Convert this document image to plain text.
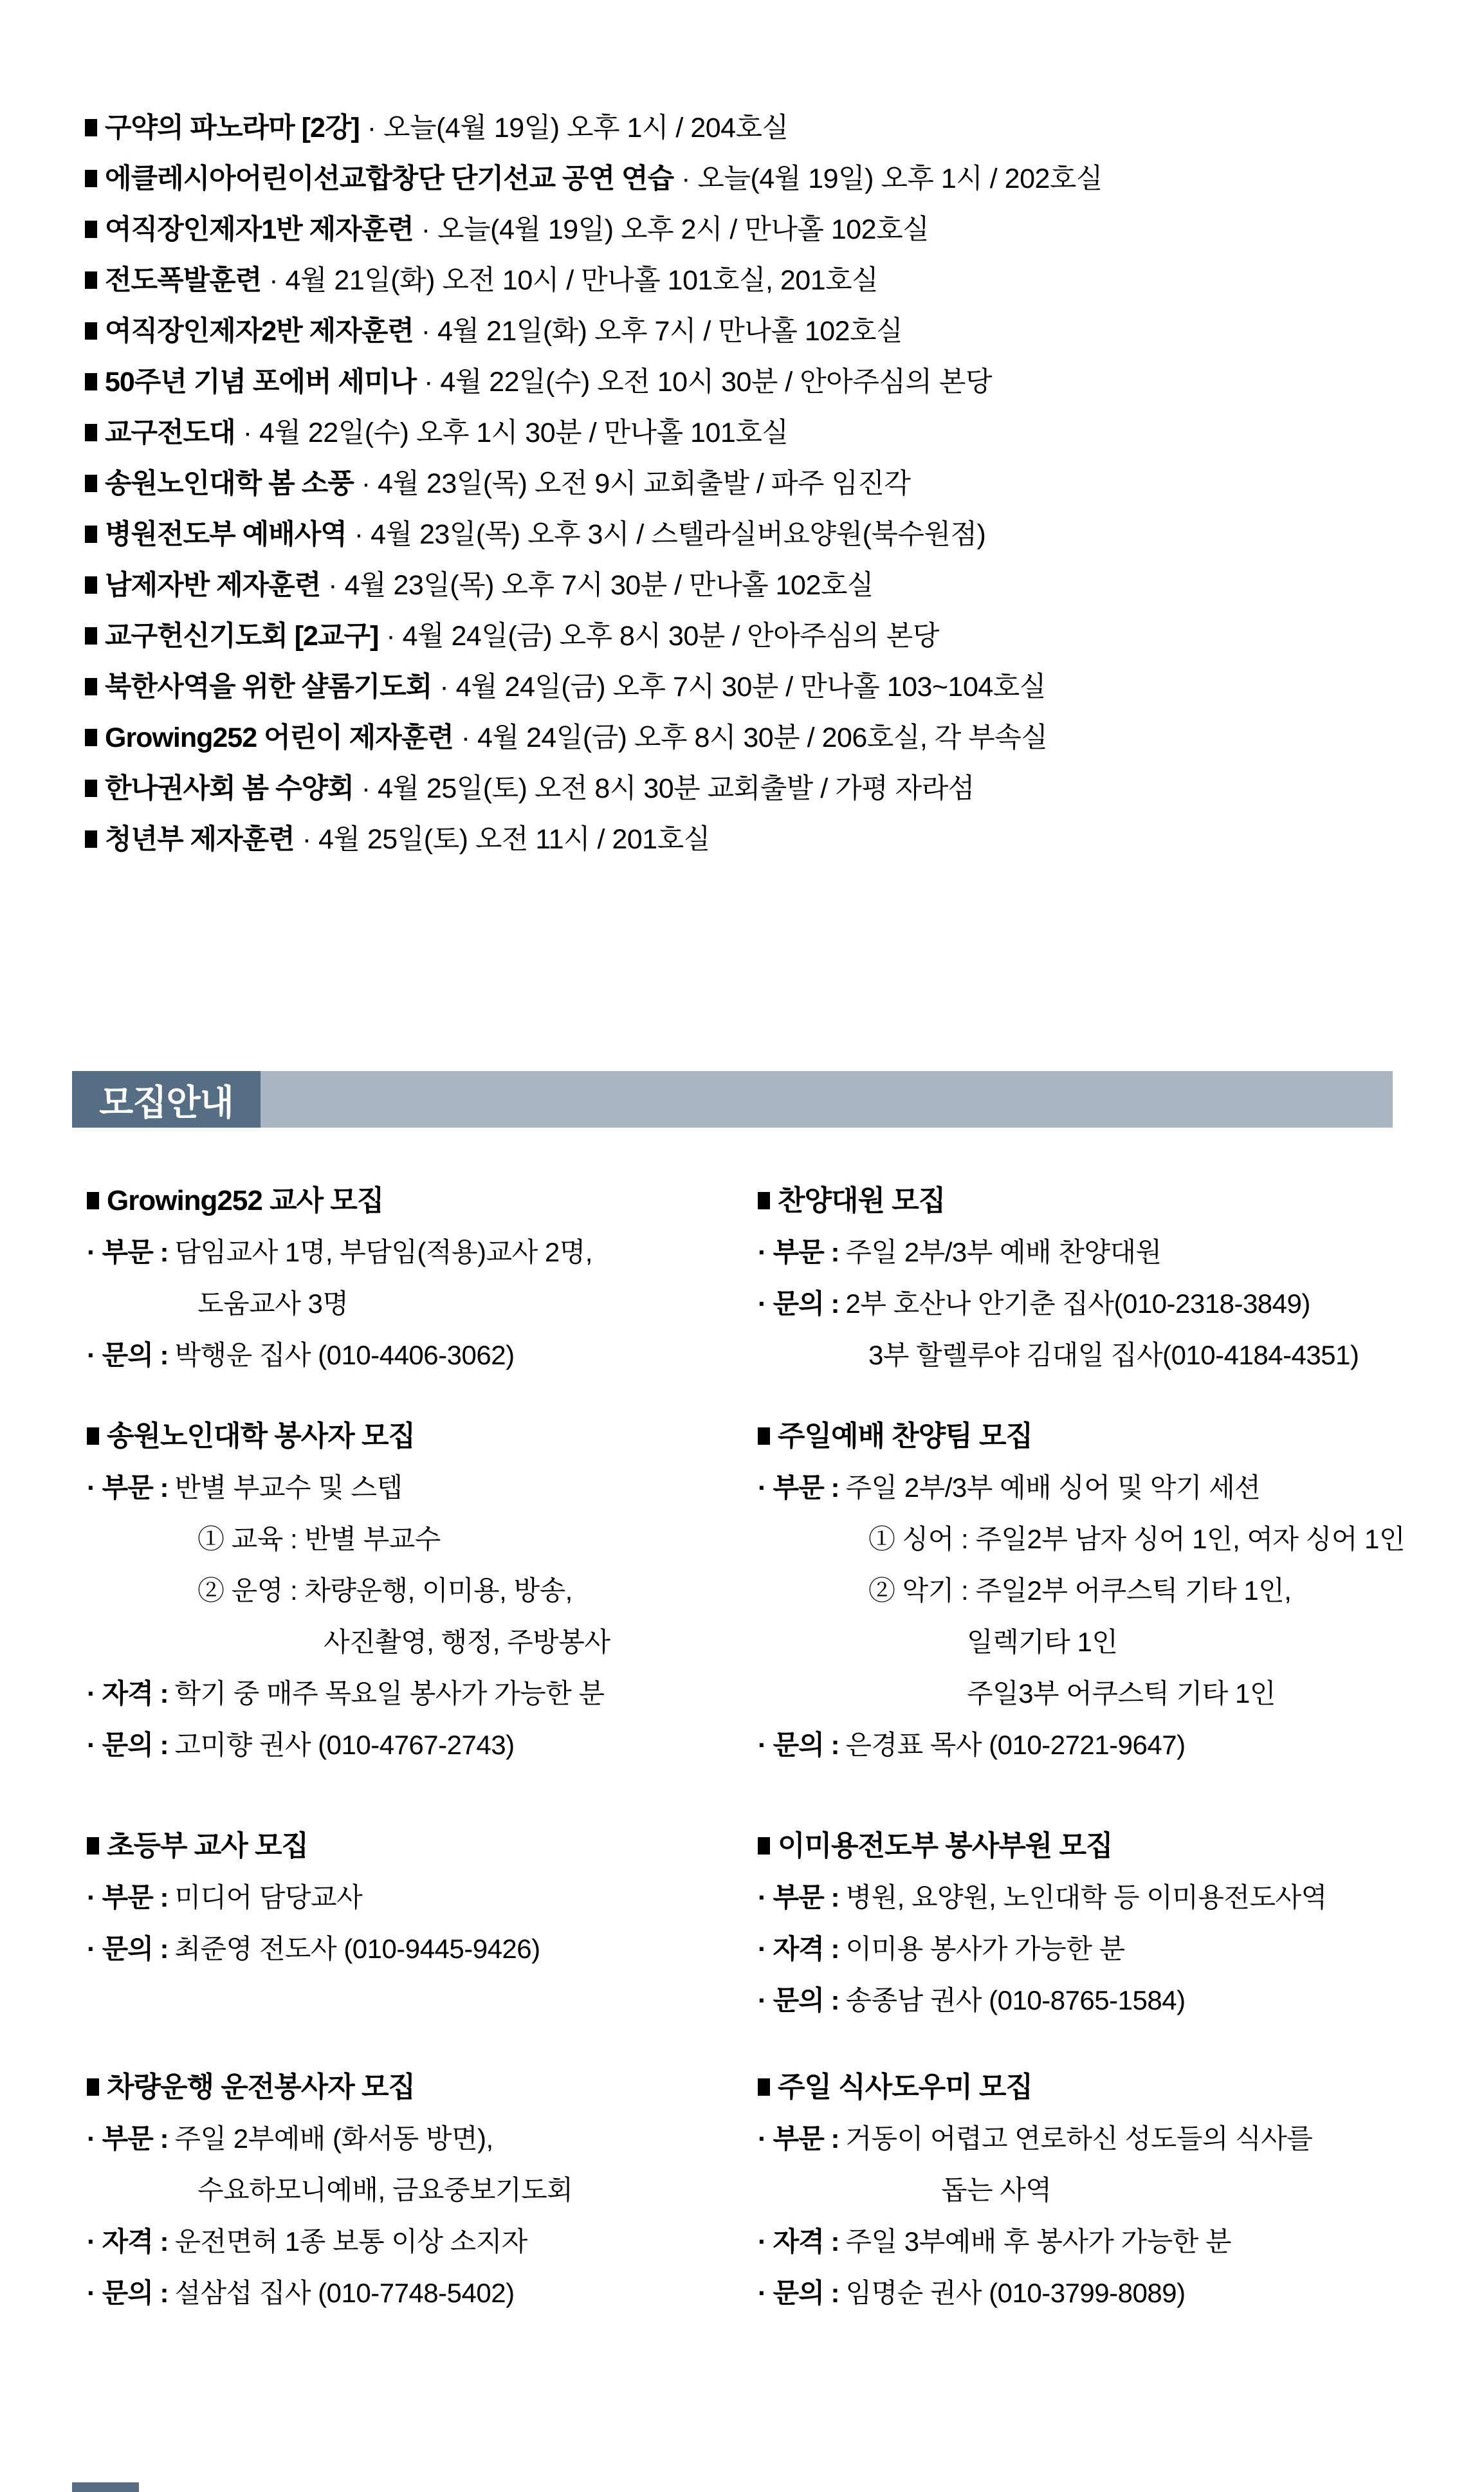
구약의 파노라마 [2강] · 오늘(4월 19일) 오후 1시 / 204호실
에클레시아어린이선교합창단 단기선교 공연 연습 · 오늘(4월 19일) 오후 1시 / 202호실
여직장인제자1반 제자훈련 · 오늘(4월 19일) 오후 2시 / 만나홀 102호실
전도폭발훈련 · 4월 21일(화) 오전 10시 / 만나홀 101호실, 201호실
여직장인제자2반 제자훈련 · 4월 21일(화) 오후 7시 / 만나홀 102호실
50주년 기념 포에버 세미나 · 4월 22일(수) 오전 10시 30분 / 안아주심의 본당
교구전도대 · 4월 22일(수) 오후 1시 30분 / 만나홀 101호실
송원노인대학 봄 소풍 · 4월 23일(목) 오전 9시 교회출발 / 파주 임진각
병원전도부 예배사역 · 4월 23일(목) 오후 3시 / 스텔라실버요양원(북수원점)
남제자반 제자훈련 · 4월 23일(목) 오후 7시 30분 / 만나홀 102호실
교구헌신기도회 [2교구] · 4월 24일(금) 오후 8시 30분 / 안아주심의 본당
북한사역을 위한 샬롬기도회 · 4월 24일(금) 오후 7시 30분 / 만나홀 103~104호실
Growing252 어린이 제자훈련 · 4월 24일(금) 오후 8시 30분 / 206호실, 각 부속실
한나권사회 봄 수양회 · 4월 25일(토) 오전 8시 30분 교회출발 / 가평 자라섬
청년부 제자훈련 · 4월 25일(토) 오전 11시 / 201호실
모집안내
Growing252 교사 모집
· 부문 : 담임교사 1명, 부담임(적용)교사 2명,
도움교사 3명
· 문의 : 박행운 집사 (010-4406-3062)
송원노인대학 봉사자 모집
· 부문 : 반별 부교수 및 스텝
① 교육 : 반별 부교수
② 운영 : 차량운행, 이미용, 방송,
사진촬영, 행정, 주방봉사
· 자격 : 학기 중 매주 목요일 봉사가 가능한 분
· 문의 : 고미향 권사 (010-4767-2743)
초등부 교사 모집
· 부문 : 미디어 담당교사
· 문의 : 최준영 전도사 (010-9445-9426)
차량운행 운전봉사자 모집
· 부문 : 주일 2부예배 (화서동 방면),
수요하모니예배, 금요중보기도회
· 자격 : 운전면허 1종 보통 이상 소지자
· 문의 : 설삼섭 집사 (010-7748-5402)
찬양대원 모집
· 부문 : 주일 2부/3부 예배 찬양대원
· 문의 : 2부 호산나 안기춘 집사(010-2318-3849)
3부 할렐루야 김대일 집사(010-4184-4351)
주일예배 찬양팀 모집
· 부문 : 주일 2부/3부 예배 싱어 및 악기 세션
① 싱어 : 주일2부 남자 싱어 1인, 여자 싱어 1인
② 악기 : 주일2부 어쿠스틱 기타 1인,
일렉기타 1인
주일3부 어쿠스틱 기타 1인
· 문의 : 은경표 목사 (010-2721-9647)
이미용전도부 봉사부원 모집
· 부문 : 병원, 요양원, 노인대학 등 이미용전도사역
· 자격 : 이미용 봉사가 가능한 분
· 문의 : 송종남 권사 (010-8765-1584)
주일 식사도우미 모집
· 부문 : 거동이 어렵고 연로하신 성도들의 식사를
돕는 사역
· 자격 : 주일 3부예배 후 봉사가 가능한 분
· 문의 : 임명순 권사 (010-3799-8089)
